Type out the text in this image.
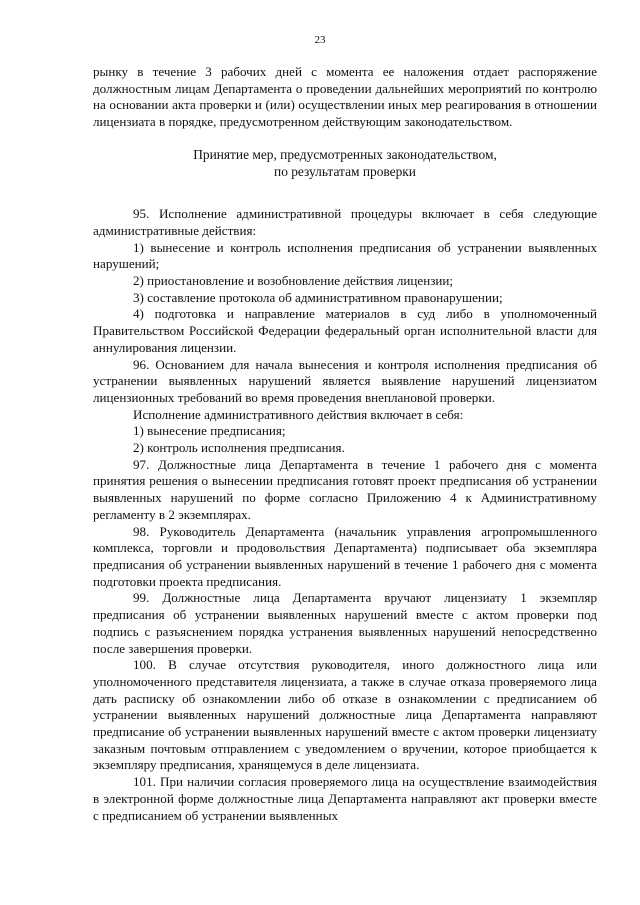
23

рынку в течение 3 рабочих дней с момента ее наложения отдает распоряжение должностным лицам Департамента о проведении дальнейших мероприятий по контролю на основании акта проверки и (или) осуществлении иных мер реагирования в отношении лицензиата в порядке, предусмотренном действующим законодательством.

Принятие мер, предусмотренных законодательством,
по результатам проверки

95. Исполнение административной процедуры включает в себя следующие административные действия:

1) вынесение и контроль исполнения предписания об устранении выявленных нарушений;

2) приостановление и возобновление действия лицензии;

3) составление протокола об административном правонарушении;

4) подготовка и направление материалов в суд либо в уполномоченный Правительством Российской Федерации федеральный орган исполнительной власти для аннулирования лицензии.

96. Основанием для начала вынесения и контроля исполнения предписания об устранении выявленных нарушений является выявление нарушений лицензиатом лицензионных требований во время проведения внеплановой проверки.

Исполнение административного действия включает в себя:

1) вынесение предписания;

2) контроль исполнения предписания.

97. Должностные лица Департамента в течение 1 рабочего дня с момента принятия решения о вынесении предписания готовят проект предписания об устранении выявленных нарушений по форме согласно Приложению 4 к Административному регламенту в 2 экземплярах.

98. Руководитель Департамента (начальник управления агропромышленного комплекса, торговли и продовольствия Департамента) подписывает оба экземпляра предписания об устранении выявленных нарушений в течение 1 рабочего дня с момента подготовки проекта предписания.

99. Должностные лица Департамента вручают лицензиату 1 экземпляр предписания об устранении выявленных нарушений вместе с актом проверки под подпись с разъяснением порядка устранения выявленных нарушений непосредственно после завершения проверки.

100. В случае отсутствия руководителя, иного должностного лица или уполномоченного представителя лицензиата, а также в случае отказа проверяемого лица дать расписку об ознакомлении либо об отказе в ознакомлении с предписанием об устранении выявленных нарушений должностные лица Департамента направляют предписание об устранении выявленных нарушений вместе с актом проверки лицензиату заказным почтовым отправлением с уведомлением о вручении, которое приобщается к экземпляру предписания, хранящемуся в деле лицензиата.

101. При наличии согласия проверяемого лица на осуществление взаимодействия в электронной форме должностные лица Департамента направляют акт проверки вместе с предписанием об устранении выявленных
